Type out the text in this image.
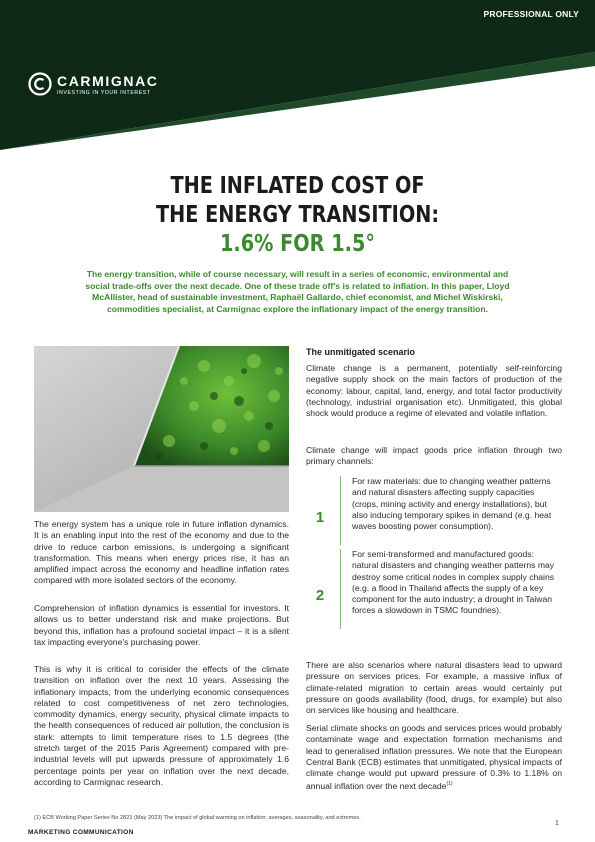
PROFESSIONAL ONLY
CARMIGNAC
INVESTING IN YOUR INTEREST
THE INFLATED COST OF
THE ENERGY TRANSITION:
1.6% FOR 1.5°
The energy transition, while of course necessary, will result in a series of economic, environmental and social trade-offs over the next decade. One of these trade off's is related to inflation. In this paper, Lloyd McAllister, head of sustainable investment, Raphaël Gallardo, chief economist, and Michel Wiskirski, commodities specialist, at Carmignac explore the inflationary impact of the energy transition.
The energy system has a unique role in future inflation dynamics. It is an enabling input into the rest of the economy and due to the drive to reduce carbon emissions, is undergoing a significant transformation. This means when energy prices rise, it has an amplified impact across the economy and headline inflation rates compared with more isolated sectors of the economy.
Comprehension of inflation dynamics is essential for investors. It allows us to better understand risk and make projections. But beyond this, inflation has a profound societal impact – it is a silent tax impacting everyone's purchasing power.
This is why it is critical to consider the effects of the climate transition on inflation over the next 10 years. Assessing the inflationary impacts, from the underlying economic consequences related to cost competitiveness of net zero technologies, commodity dynamics, energy security, physical climate impacts to the health consequences of reduced air pollution, the conclusion is stark: attempts to limit temperature rises to 1.5 degrees (the stretch target of the 2015 Paris Agreement) compared with pre-industrial levels will put upwards pressure of approximately 1.6 percentage points per year on inflation over the next decade, according to Carmignac research.
The unmitigated scenario
Climate change is a permanent, potentially self-reinforcing negative supply shock on the main factors of production of the economy: labour, capital, land, energy, and total factor productivity (technology, industrial organisation etc). Unmitigated, this global shock would produce a regime of elevated and volatile inflation.
Climate change will impact goods price inflation through two primary channels:
1
For raw materials: due to changing weather patterns and natural disasters affecting supply capacities (crops, mining activity and energy installations), but also inducing temporary spikes in demand (e.g. heat waves boosting power consumption).
2
For semi-transformed and manufactured goods: natural disasters and changing weather patterns may destroy some critical nodes in complex supply chains (e.g. a flood in Thailand affects the supply of a key component for the auto industry; a drought in Taiwan forces a slowdown in TSMC foundries).
There are also scenarios where natural disasters lead to upward pressure on services prices. For example, a massive influx of climate-related migration to certain areas would certainly put pressure on goods availability (food, drugs, for example) but also on services like housing and healthcare.
Serial climate shocks on goods and services prices would probably contaminate wage and expectation formation mechanisms and lead to generalised inflation pressures. We note that the European Central Bank (ECB) estimates that unmitigated, physical impacts of climate change would put upward pressure of 0.3% to 1.18% on annual inflation over the next decade$^{(1)}$
(1) ECB Working Paper Series No 2821 (May 2023) The impact of global warming on inflation: averages, seasonality, and extremes.
1
MARKETING COMMUNICATION
